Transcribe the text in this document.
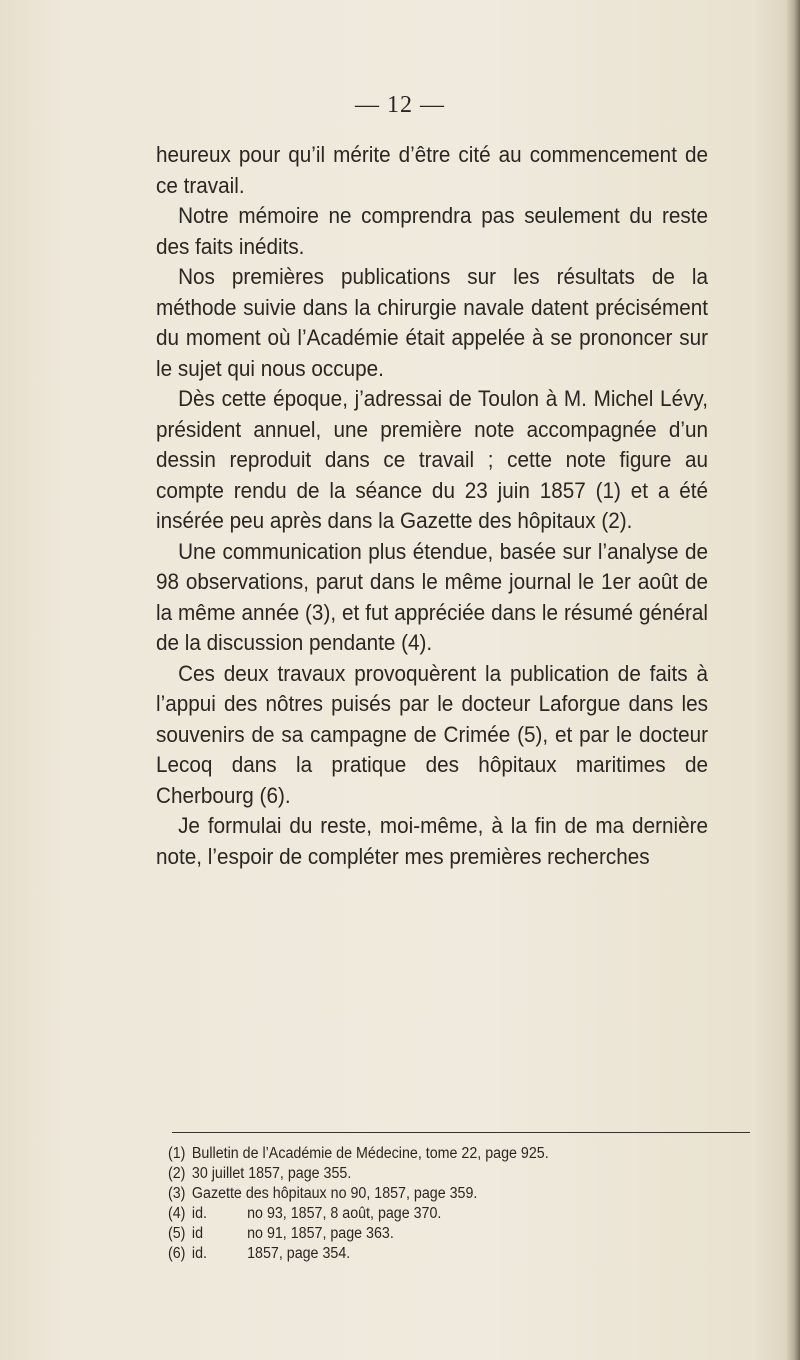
— 12 —

heureux pour qu’il mérite d’être cité au commencement de ce travail.

Notre mémoire ne comprendra pas seulement du reste des faits inédits.

Nos premières publications sur les résultats de la méthode suivie dans la chirurgie navale datent précisément du moment où l’Académie était appelée à se prononcer sur le sujet qui nous occupe.

Dès cette époque, j’adressai de Toulon à M. Michel Lévy, président annuel, une première note accompagnée d’un dessin reproduit dans ce travail ; cette note figure au compte rendu de la séance du 23 juin 1857 (1) et a été insérée peu après dans la Gazette des hôpitaux (2).

Une communication plus étendue, basée sur l’analyse de 98 observations, parut dans le même journal le 1er août de la même année (3), et fut appréciée dans le résumé général de la discussion pendante (4).

Ces deux travaux provoquèrent la publication de faits à l’appui des nôtres puisés par le docteur Laforgue dans les souvenirs de sa campagne de Crimée (5), et par le docteur Lecoq dans la pratique des hôpitaux maritimes de Cherbourg (6).

Je formulai du reste, moi-même, à la fin de ma dernière note, l’espoir de compléter mes premières recherches

(1) Bulletin de l’Académie de Médecine, tome 22, page 925.
(2) 30 juillet 1857, page 355.
(3) Gazette des hôpitaux no 90, 1857, page 359.
(4) id.	no 93, 1857, 8 août, page 370.
(5) id	no 91, 1857, page 363.
(6) id.	1857, page 354.
